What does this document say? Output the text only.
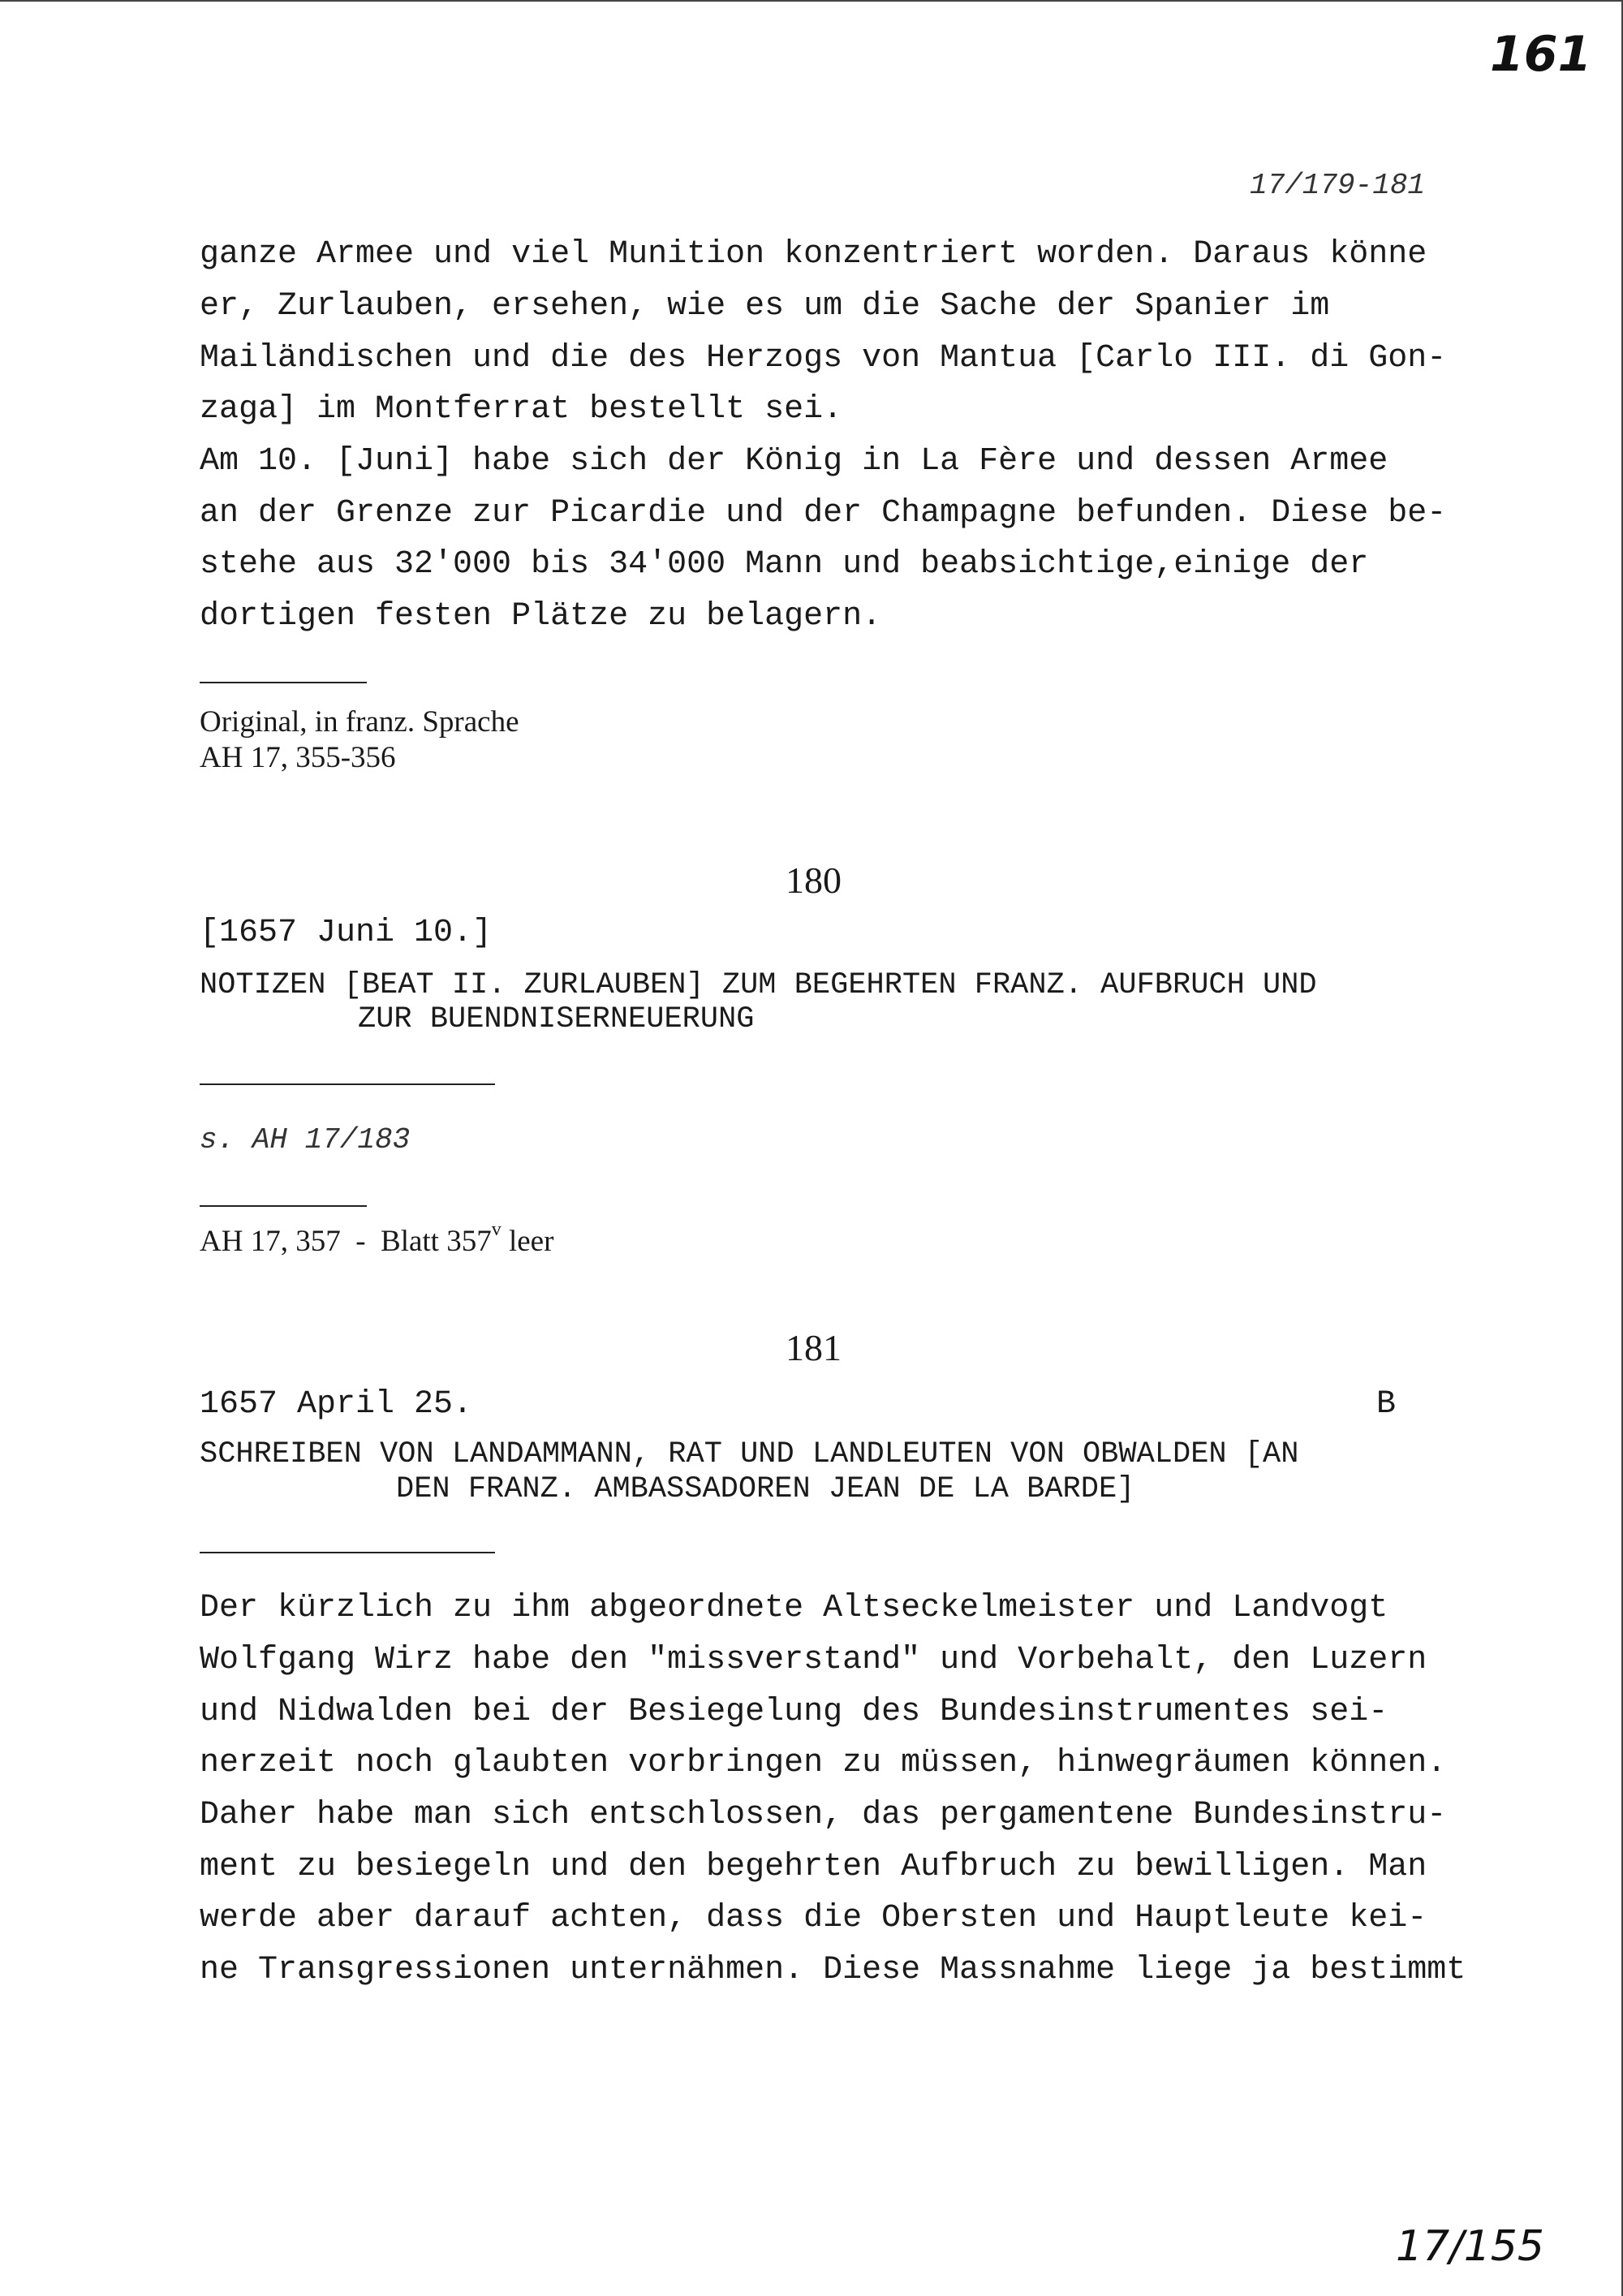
161
17/179-181
ganze Armee und viel Munition konzentriert worden. Daraus könne
er, Zurlauben, ersehen, wie es um die Sache der Spanier im
Mailändischen und die des Herzogs von Mantua [Carlo III. di Gon-
zaga] im Montferrat bestellt sei.
Am 10. [Juni] habe sich der König in La Fère und dessen Armee
an der Grenze zur Picardie und der Champagne befunden. Diese be-
stehe aus 32'000 bis 34'000 Mann und beabsichtige,einige der
dortigen festen Plätze zu belagern.
Original, in franz. Sprache
AH 17, 355-356
180
[1657 Juni 10.]
NOTIZEN [BEAT II. ZURLAUBEN] ZUM BEGEHRTEN FRANZ. AUFBRUCH UND
ZUR BUENDNISERNEUERUNG
s. AH 17/183
AH 17, 357  -  Blatt 357$^v$ leer
181
1657 April 25.	B
SCHREIBEN VON LANDAMMANN, RAT UND LANDLEUTEN VON OBWALDEN [AN
DEN FRANZ. AMBASSADOREN JEAN DE LA BARDE]
Der kürzlich zu ihm abgeordnete Altseckelmeister und Landvogt
Wolfgang Wirz habe den "missverstand" und Vorbehalt, den Luzern
und Nidwalden bei der Besiegelung des Bundesinstrumentes sei-
nerzeit noch glaubten vorbringen zu müssen, hinwegräumen können.
Daher habe man sich entschlossen, das pergamentene Bundesinstru-
ment zu besiegeln und den begehrten Aufbruch zu bewilligen. Man
werde aber darauf achten, dass die Obersten und Hauptleute kei-
ne Transgressionen unternähmen. Diese Massnahme liege ja bestimmt
17/155
